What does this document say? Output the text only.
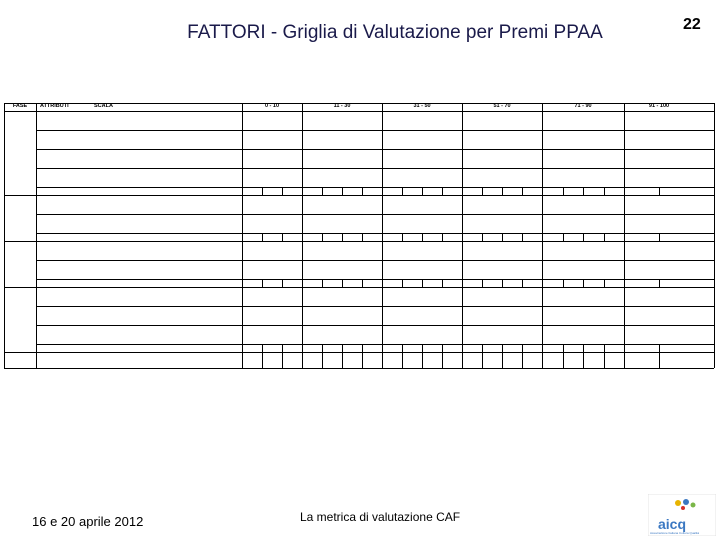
FATTORI - Griglia di Valutazione per Premi PPAA	22
FASE	ATTRIBUTI	SCALA	0 - 10	11 - 30	31 - 50	51 - 70	71 - 90	91 - 100
16 e 20 aprile 2012	La metrica di valutazione CAF	aicq
Associazione Italiana Cultura Qualità
